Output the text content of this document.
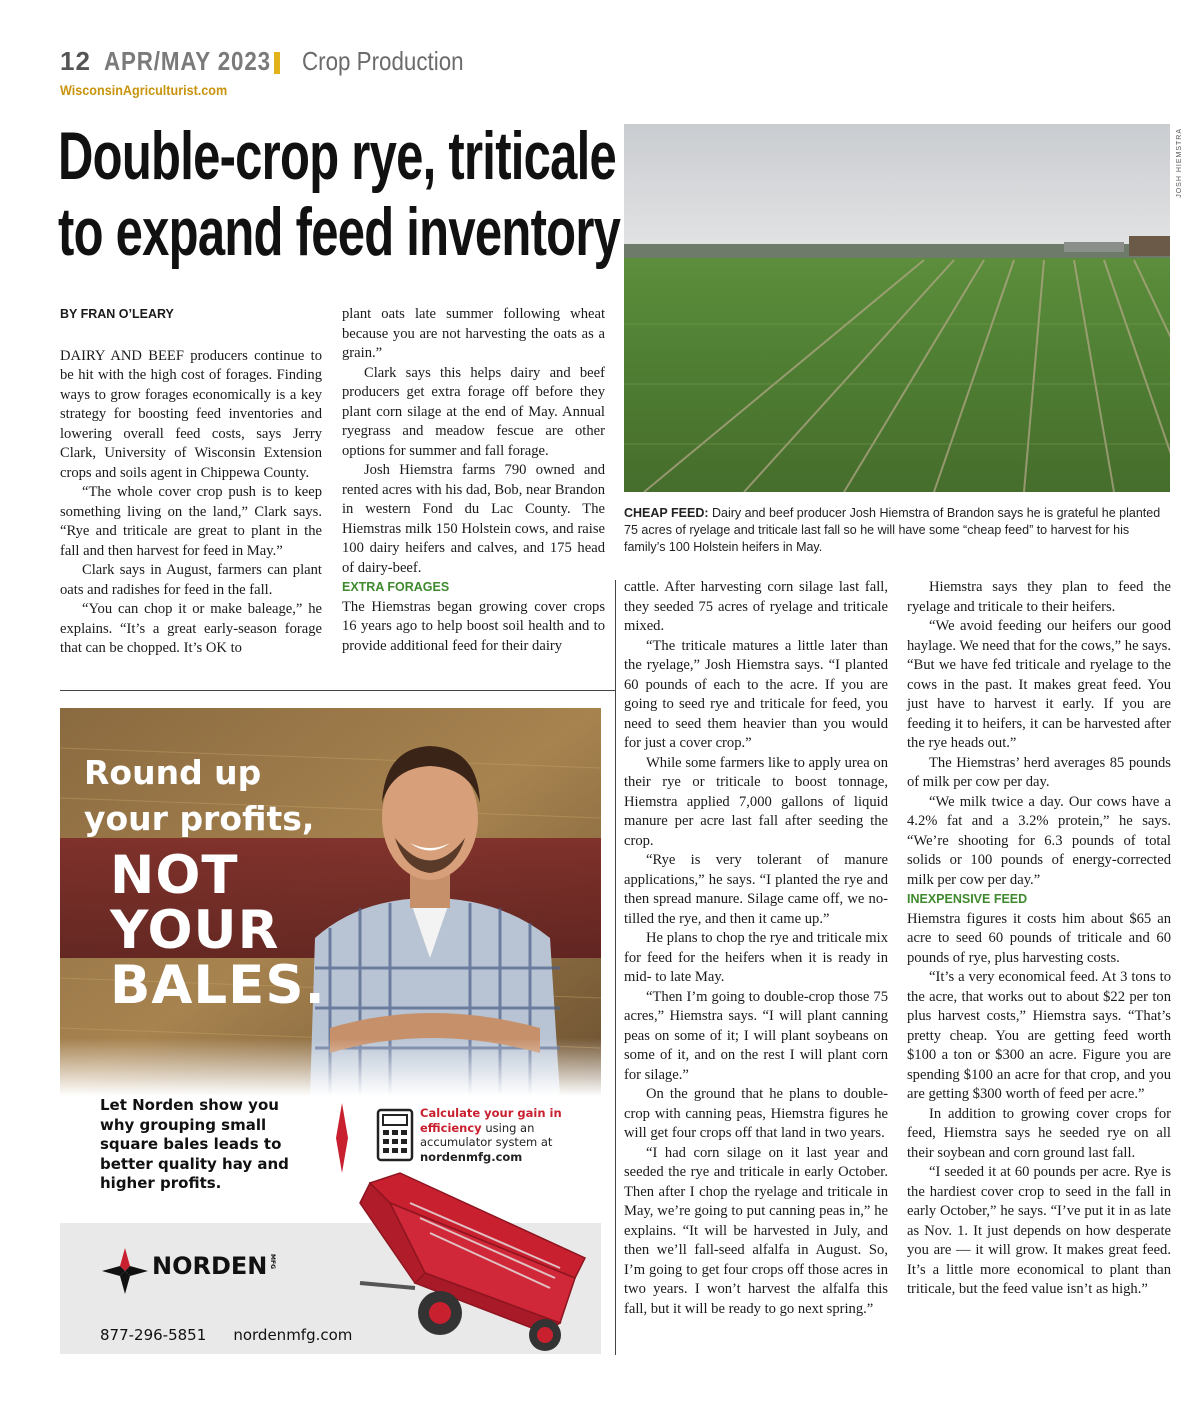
12 APR/MAY 2023 Crop Production
WisconsinAgriculturist.com
Double-crop rye, triticale
to expand feed inventory
JOSH HIEMSTRA
CHEAP FEED: Dairy and beef producer Josh Hiemstra of Brandon says he is grateful he planted 75 acres of ryelage and triticale last fall so he will have some “cheap feed” to harvest for his family’s 100 Holstein heifers in May.
BY FRAN O’LEARY

DAIRY AND BEEF producers continue to be hit with the high cost of forages. Finding ways to grow forages economically is a key strategy for boosting feed inventories and lowering overall feed costs, says Jerry Clark, University of Wisconsin Extension crops and soils agent in Chippewa County.

“The whole cover crop push is to keep something living on the land,” Clark says. “Rye and triticale are great to plant in the fall and then harvest for feed in May.”

Clark says in August, farmers can plant oats and radishes for feed in the fall.

“You can chop it or make baleage,” he explains. “It’s a great early-season forage that can be chopped. It’s OK to

plant oats late summer following wheat because you are not harvesting the oats as a grain.”

Clark says this helps dairy and beef producers get extra forage off before they plant corn silage at the end of May. Annual ryegrass and meadow fescue are other options for summer and fall forage.

Josh Hiemstra farms 790 owned and rented acres with his dad, Bob, near Brandon in western Fond du Lac County. The Hiemstras milk 150 Holstein cows, and raise 100 dairy heifers and calves, and 175 head of dairy-beef.

EXTRA FORAGES

The Hiemstras began growing cover crops 16 years ago to help boost soil health and to provide additional feed for their dairy

cattle. After harvesting corn silage last fall, they seeded 75 acres of ryelage and triticale mixed.

“The triticale matures a little later than the ryelage,” Josh Hiemstra says. “I planted 60 pounds of each to the acre. If you are going to seed rye and triticale for feed, you need to seed them heavier than you would for just a cover crop.”

While some farmers like to apply urea on their rye or triticale to boost tonnage, Hiemstra applied 7,000 gallons of liquid manure per acre last fall after seeding the crop.

“Rye is very tolerant of manure applications,” he says. “I planted the rye and then spread manure. Silage came off, we no-tilled the rye, and then it came up.”

He plans to chop the rye and triticale mix for feed for the heifers when it is ready in mid- to late May.

“Then I’m going to double-crop those 75 acres,” Hiemstra says. “I will plant canning peas on some of it; I will plant soybeans on some of it, and on the rest I will plant corn for silage.”

On the ground that he plans to double-crop with canning peas, Hiemstra figures he will get four crops off that land in two years.

“I had corn silage on it last year and seeded the rye and triticale in early October. Then after I chop the ryelage and triticale in May, we’re going to put canning peas in,” he explains. “It will be harvested in July, and then we’ll fall-seed alfalfa in August. So, I’m going to get four crops off those acres in two years. I won’t harvest the alfalfa this fall, but it will be ready to go next spring.”

Hiemstra says they plan to feed the ryelage and triticale to their heifers.

“We avoid feeding our heifers our good haylage. We need that for the cows,” he says. “But we have fed triticale and ryelage to the cows in the past. It makes great feed. You just have to harvest it early. If you are feeding it to heifers, it can be harvested after the rye heads out.”

The Hiemstras’ herd averages 85 pounds of milk per cow per day.

“We milk twice a day. Our cows have a 4.2% fat and a 3.2% protein,” he says. “We’re shooting for 6.3 pounds of total solids or 100 pounds of energy-corrected milk per cow per day.”

INEXPENSIVE FEED

Hiemstra figures it costs him about $65 an acre to seed 60 pounds of triticale and 60 pounds of rye, plus harvesting costs.

“It’s a very economical feed. At 3 tons to the acre, that works out to about $22 per ton plus harvest costs,” Hiemstra says. “That’s pretty cheap. You are getting feed worth $100 a ton or $300 an acre. Figure you are spending $100 an acre for that crop, and you are getting $300 worth of feed per acre.”

In addition to growing cover crops for feed, Hiemstra says he seeded rye on all their soybean and corn ground last fall.

“I seeded it at 60 pounds per acre. Rye is the hardiest cover crop to seed in the fall in early October,” he says. “I’ve put it in as late as Nov. 1. It just depends on how desperate you are — it will grow. It makes great feed. It’s a little more economical to plant than triticale, but the feed value isn’t as high.”

Round up
your profits,
NOT
YOUR
BALES.
Let Norden show you why grouping small square bales leads to better quality hay and higher profits.
Calculate your gain in efficiency using an accumulator system at nordenmfg.com
NORDEN MFG
877-296-5851 nordenmfg.com
